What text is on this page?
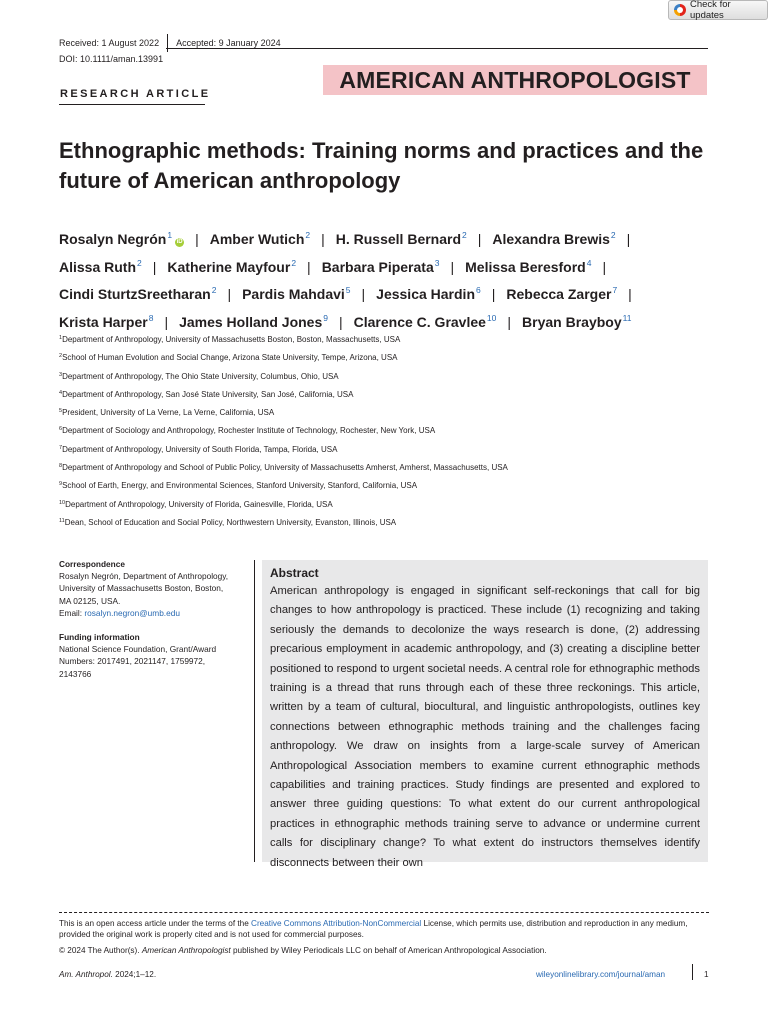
Check for updates
Received: 1 August 2022 Accepted: 9 January 2024
DOI: 10.1111/aman.13991
AMERICAN ANTHROPOLOGIST
RESEARCH ARTICLE
Ethnographic methods: Training norms and practices and the future of American anthropology
Rosalyn Negrón$^1$iD | Amber Wutich$^2$ | H. Russell Bernard$^2$ | Alexandra Brewis$^2$ |
Alissa Ruth$^2$ | Katherine Mayfour$^2$ | Barbara Piperata$^3$ | Melissa Beresford$^4$ |
Cindi SturtzSreetharan$^2$ | Pardis Mahdavi$^5$ | Jessica Hardin$^6$ | Rebecca Zarger$^7$ |
Krista Harper$^8$ | James Holland Jones$^9$ | Clarence C. Gravlee$^{10}$ | Bryan Brayboy$^{11}$
$^1$Department of Anthropology, University of Massachusetts Boston, Boston, Massachusetts, USA
$^2$School of Human Evolution and Social Change, Arizona State University, Tempe, Arizona, USA
$^3$Department of Anthropology, The Ohio State University, Columbus, Ohio, USA
$^4$Department of Anthropology, San José State University, San José, California, USA
$^5$President, University of La Verne, La Verne, California, USA
$^6$Department of Sociology and Anthropology, Rochester Institute of Technology, Rochester, New York, USA
$^7$Department of Anthropology, University of South Florida, Tampa, Florida, USA
$^8$Department of Anthropology and School of Public Policy, University of Massachusetts Amherst, Amherst, Massachusetts, USA
$^9$School of Earth, Energy, and Environmental Sciences, Stanford University, Stanford, California, USA
$^{10}$Department of Anthropology, University of Florida, Gainesville, Florida, USA
$^{11}$Dean, School of Education and Social Policy, Northwestern University, Evanston, Illinois, USA
Correspondence
Rosalyn Negrón, Department of Anthropology,
University of Massachusetts Boston, Boston,
MA 02125, USA.
Email: rosalyn.negron@umb.edu
Funding information
National Science Foundation, Grant/Award
Numbers: 2017491, 2021147, 1759972,
2143766
Abstract
American anthropology is engaged in significant self-reckonings that call for big changes to how anthropology is practiced. These include (1) recognizing and taking seriously the demands to decolonize the ways research is done, (2) addressing precarious employment in academic anthropology, and (3) creating a discipline better positioned to respond to urgent societal needs. A central role for ethnographic methods training is a thread that runs through each of these three reckonings. This article, written by a team of cultural, biocultural, and linguistic anthropologists, outlines key connections between ethnographic methods training and the challenges facing anthropology. We draw on insights from a large-scale survey of American Anthropological Association members to examine current ethnographic methods capabilities and training practices. Study findings are presented and explored to answer three guiding questions: To what extent do our current anthropological practices in ethnographic methods training serve to advance or undermine current calls for disciplinary change? To what extent do instructors themselves identify disconnects between their own
This is an open access article under the terms of the Creative Commons Attribution-NonCommercial License, which permits use, distribution and reproduction in any medium, provided the original work is properly cited and is not used for commercial purposes.
© 2024 The Author(s). American Anthropologist published by Wiley Periodicals LLC on behalf of American Anthropological Association.
Am. Anthropol. 2024;1–12.	wileyonlinelibrary.com/journal/aman	1
